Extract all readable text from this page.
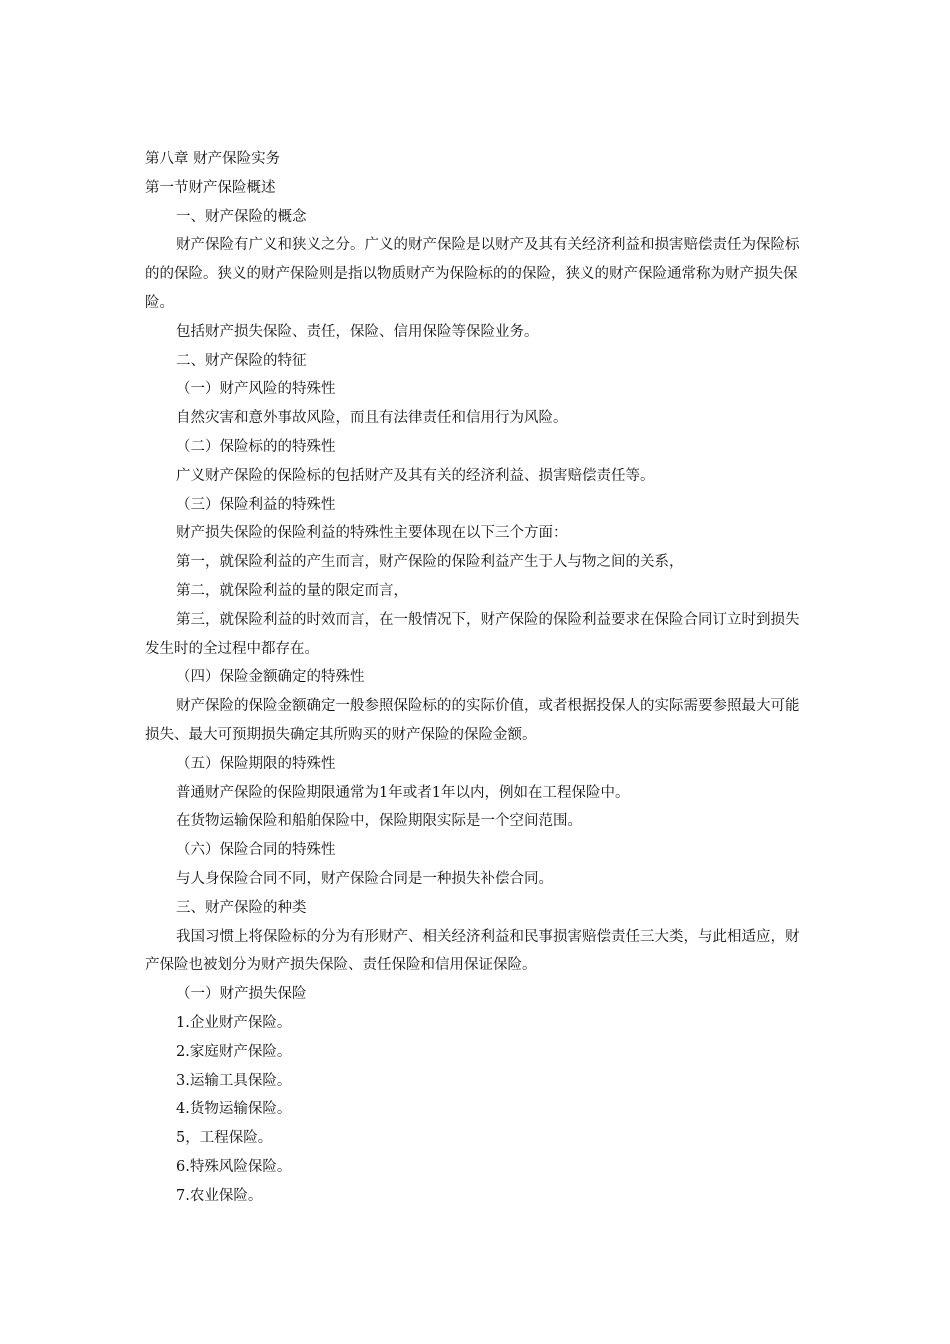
第八章 财产保险实务

第一节财产保险概述

一、财产保险的概念

财产保险有广义和狭义之分。广义的财产保险是以财产及其有关经济利益和损害赔偿责任为保险标的的保险。狭义的财产保险则是指以物质财产为保险标的的保险，狭义的财产保险通常称为财产损失保险。

包括财产损失保险、责任，保险、信用保险等保险业务。

二、财产保险的特征

（一）财产风险的特殊性

自然灾害和意外事故风险，而且有法律责任和信用行为风险。

（二）保险标的的特殊性

广义财产保险的保险标的包括财产及其有关的经济利益、损害赔偿责任等。

（三）保险利益的特殊性

财产损失保险的保险利益的特殊性主要体现在以下三个方面：

第一，就保险利益的产生而言，财产保险的保险利益产生于人与物之间的关系，

第二，就保险利益的量的限定而言，

第三，就保险利益的时效而言，在一般情况下，财产保险的保险利益要求在保险合同订立时到损失发生时的全过程中都存在。

（四）保险金额确定的特殊性

财产保险的保险金额确定一般参照保险标的的实际价值，或者根据投保人的实际需要参照最大可能损失、最大可预期损失确定其所购买的财产保险的保险金额。

（五）保险期限的特殊性

普通财产保险的保险期限通常为1年或者1年以内，例如在工程保险中。

在货物运输保险和船舶保险中，保险期限实际是一个空间范围。

（六）保险合同的特殊性

与人身保险合同不同，财产保险合同是一种损失补偿合同。

三、财产保险的种类

我国习惯上将保险标的分为有形财产、相关经济利益和民事损害赔偿责任三大类，与此相适应，财产保险也被划分为财产损失保险、责任保险和信用保证保险。

（一）财产损失保险

1.企业财产保险。

2.家庭财产保险。

3.运输工具保险。

4.货物运输保险。

5，工程保险。

6.特殊风险保险。

7.农业保险。
